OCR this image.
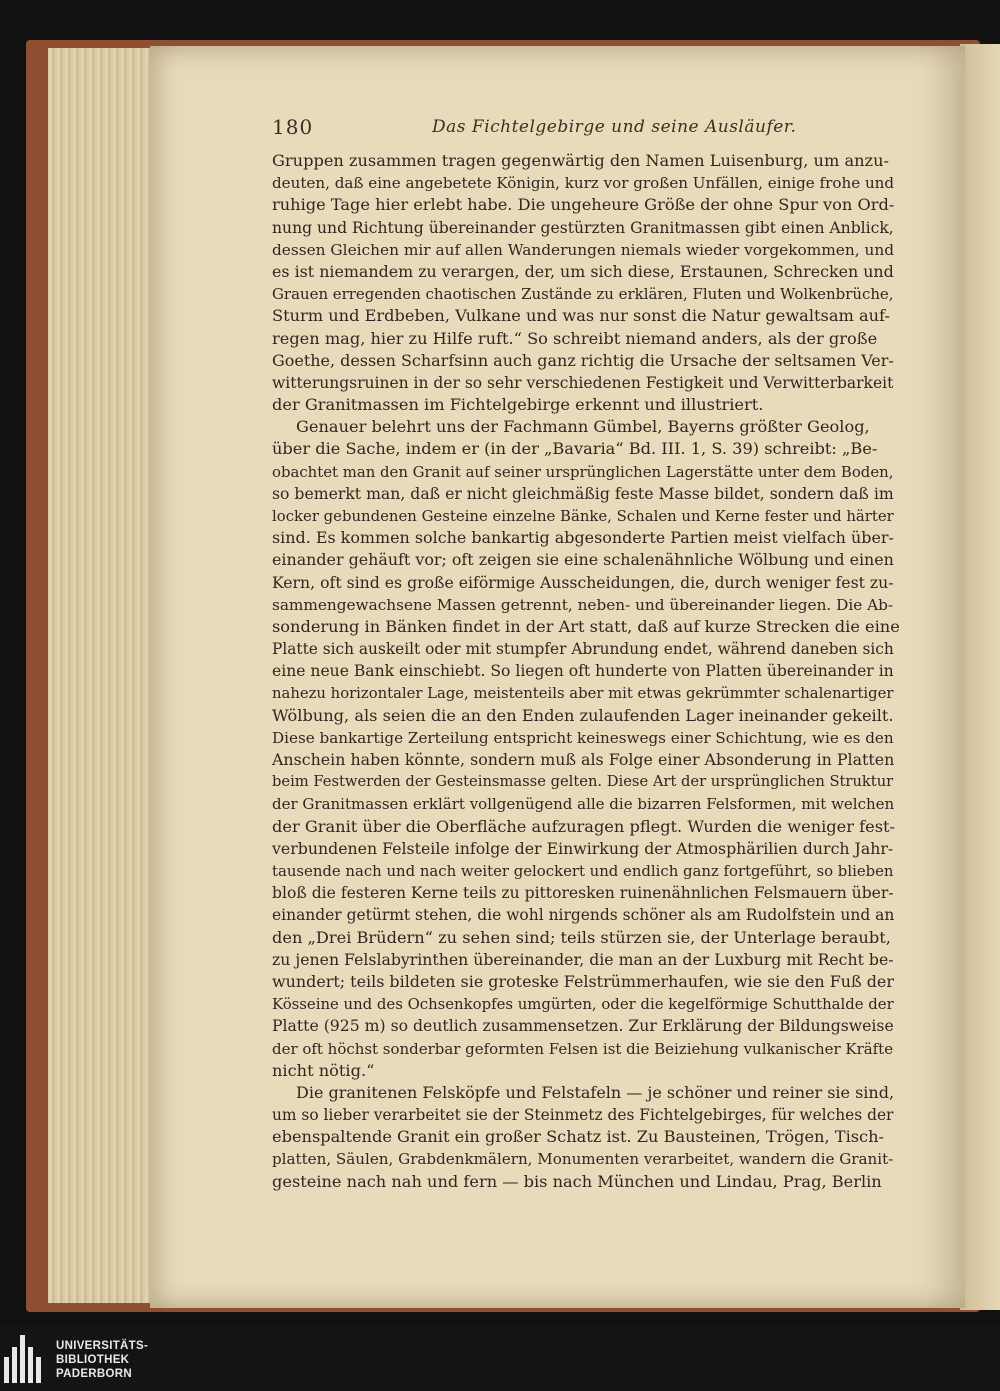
180	Das Fichtelgebirge und seine Ausläufer.
Gruppen zusammen tragen gegenwärtig den Namen Luisenburg, um anzu-
deuten, daß eine angebetete Königin, kurz vor großen Unfällen, einige frohe und
ruhige Tage hier erlebt habe. Die ungeheure Größe der ohne Spur von Ord-
nung und Richtung übereinander gestürzten Granitmassen gibt einen Anblick,
dessen Gleichen mir auf allen Wanderungen niemals wieder vorgekommen, und
es ist niemandem zu verargen, der, um sich diese, Erstaunen, Schrecken und
Grauen erregenden chaotischen Zustände zu erklären, Fluten und Wolkenbrüche,
Sturm und Erdbeben, Vulkane und was nur sonst die Natur gewaltsam auf-
regen mag, hier zu Hilfe ruft.“ So schreibt niemand anders, als der große
Goethe, dessen Scharfsinn auch ganz richtig die Ursache der seltsamen Ver-
witterungsruinen in der so sehr verschiedenen Festigkeit und Verwitterbarkeit
der Granitmassen im Fichtelgebirge erkennt und illustriert.
Genauer belehrt uns der Fachmann Gümbel, Bayerns größter Geolog,
über die Sache, indem er (in der „Bavaria“ Bd. III. 1, S. 39) schreibt: „Be-
obachtet man den Granit auf seiner ursprünglichen Lagerstätte unter dem Boden,
so bemerkt man, daß er nicht gleichmäßig feste Masse bildet, sondern daß im
locker gebundenen Gesteine einzelne Bänke, Schalen und Kerne fester und härter
sind. Es kommen solche bankartig abgesonderte Partien meist vielfach über-
einander gehäuft vor; oft zeigen sie eine schalenähnliche Wölbung und einen
Kern, oft sind es große eiförmige Ausscheidungen, die, durch weniger fest zu-
sammengewachsene Massen getrennt, neben- und übereinander liegen. Die Ab-
sonderung in Bänken findet in der Art statt, daß auf kurze Strecken die eine
Platte sich auskeilt oder mit stumpfer Abrundung endet, während daneben sich
eine neue Bank einschiebt. So liegen oft hunderte von Platten übereinander in
nahezu horizontaler Lage, meistenteils aber mit etwas gekrümmter schalenartiger
Wölbung, als seien die an den Enden zulaufenden Lager ineinander gekeilt.
Diese bankartige Zerteilung entspricht keineswegs einer Schichtung, wie es den
Anschein haben könnte, sondern muß als Folge einer Absonderung in Platten
beim Festwerden der Gesteinsmasse gelten. Diese Art der ursprünglichen Struktur
der Granitmassen erklärt vollgenügend alle die bizarren Felsformen, mit welchen
der Granit über die Oberfläche aufzuragen pflegt. Wurden die weniger fest-
verbundenen Felsteile infolge der Einwirkung der Atmosphärilien durch Jahr-
tausende nach und nach weiter gelockert und endlich ganz fortgeführt, so blieben
bloß die festeren Kerne teils zu pittoresken ruinenähnlichen Felsmauern über-
einander getürmt stehen, die wohl nirgends schöner als am Rudolfstein und an
den „Drei Brüdern“ zu sehen sind; teils stürzen sie, der Unterlage beraubt,
zu jenen Felslabyrinthen übereinander, die man an der Luxburg mit Recht be-
wundert; teils bildeten sie groteske Felstrümmerhaufen, wie sie den Fuß der
Kösseine und des Ochsenkopfes umgürten, oder die kegelförmige Schutthalde der
Platte (925 m) so deutlich zusammensetzen. Zur Erklärung der Bildungsweise
der oft höchst sonderbar geformten Felsen ist die Beiziehung vulkanischer Kräfte
nicht nötig.“
Die granitenen Felsköpfe und Felstafeln — je schöner und reiner sie sind,
um so lieber verarbeitet sie der Steinmetz des Fichtelgebirges, für welches der
ebenspaltende Granit ein großer Schatz ist. Zu Bausteinen, Trögen, Tisch-
platten, Säulen, Grabdenkmälern, Monumenten verarbeitet, wandern die Granit-
gesteine nach nah und fern — bis nach München und Lindau, Prag, Berlin
UNIVERSITÄTS-
BIBLIOTHEK
PADERBORN
